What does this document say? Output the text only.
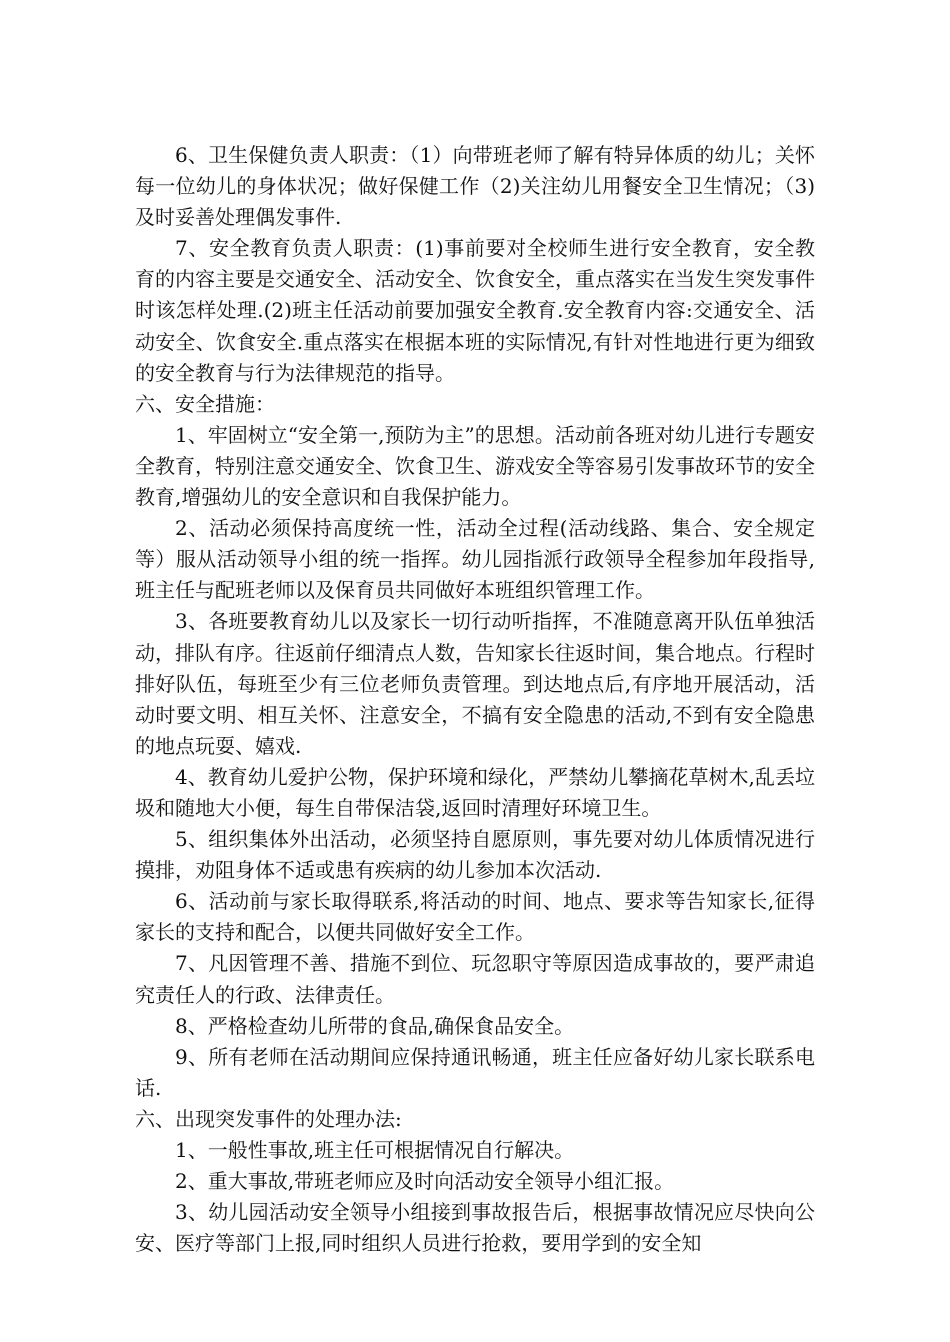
6、卫生保健负责人职责：（1）向带班老师了解有特异体质的幼儿；关怀每一位幼儿的身体状况；做好保健工作（2)关注幼儿用餐安全卫生情况；（3)及时妥善处理偶发事件.

7、安全教育负责人职责：(1)事前要对全校师生进行安全教育，安全教育的内容主要是交通安全、活动安全、饮食安全，重点落实在当发生突发事件时该怎样处理.(2)班主任活动前要加强安全教育.安全教育内容:交通安全、活动安全、饮食安全.重点落实在根据本班的实际情况,有针对性地进行更为细致的安全教育与行为法律规范的指导。

六、安全措施：

1、牢固树立“安全第一,预防为主”的思想。活动前各班对幼儿进行专题安全教育，特别注意交通安全、饮食卫生、游戏安全等容易引发事故环节的安全教育,增强幼儿的安全意识和自我保护能力。

2、活动必须保持高度统一性，活动全过程(活动线路、集合、安全规定等）服从活动领导小组的统一指挥。幼儿园指派行政领导全程参加年段指导,班主任与配班老师以及保育员共同做好本班组织管理工作。

3、各班要教育幼儿以及家长一切行动听指挥，不准随意离开队伍单独活动，排队有序。往返前仔细清点人数，告知家长往返时间，集合地点。行程时排好队伍，每班至少有三位老师负责管理。到达地点后,有序地开展活动，活动时要文明、相互关怀、注意安全，不搞有安全隐患的活动,不到有安全隐患的地点玩耍、嬉戏.

4、教育幼儿爱护公物，保护环境和绿化，严禁幼儿攀摘花草树木,乱丢垃圾和随地大小便，每生自带保洁袋,返回时清理好环境卫生。

5、组织集体外出活动，必须坚持自愿原则，事先要对幼儿体质情况进行摸排，劝阻身体不适或患有疾病的幼儿参加本次活动.

6、活动前与家长取得联系,将活动的时间、地点、要求等告知家长,征得家长的支持和配合，以便共同做好安全工作。

7、凡因管理不善、措施不到位、玩忽职守等原因造成事故的，要严肃追究责任人的行政、法律责任。

8、严格检查幼儿所带的食品,确保食品安全。

9、所有老师在活动期间应保持通讯畅通，班主任应备好幼儿家长联系电话.

六、出现突发事件的处理办法:

1、一般性事故,班主任可根据情况自行解决。

2、重大事故,带班老师应及时向活动安全领导小组汇报。

3、幼儿园活动安全领导小组接到事故报告后，根据事故情况应尽快向公安、医疗等部门上报,同时组织人员进行抢救，要用学到的安全知
